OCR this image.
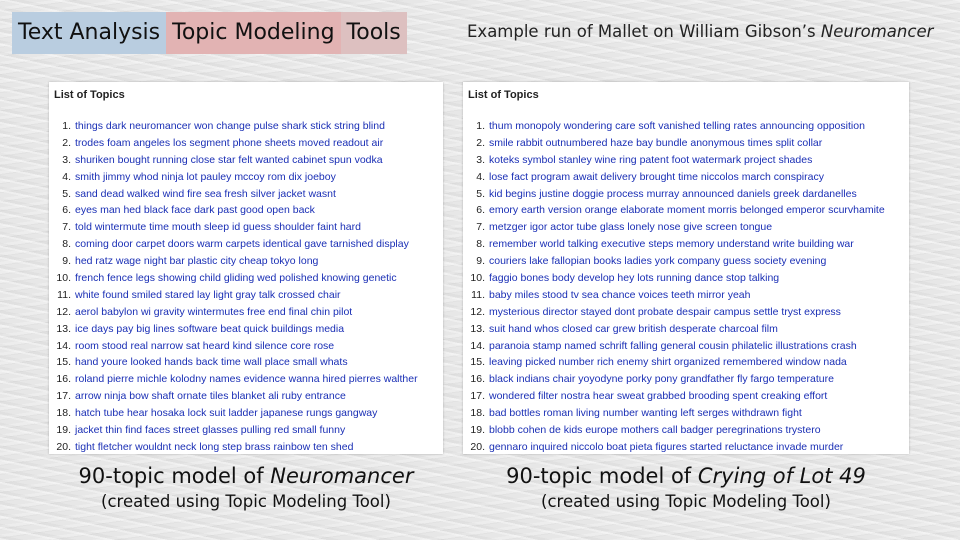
Text Analysis Topic Modeling Tools	Example run of Mallet on William Gibson’s Neuromancer
List of Topics
1. things dark neuromancer won change pulse shark stick string blind
2. trodes foam angeles los segment phone sheets moved readout air
3. shuriken bought running close star felt wanted cabinet spun vodka
4. smith jimmy whod ninja lot pauley mccoy rom dix joeboy
5. sand dead walked wind fire sea fresh silver jacket wasnt
6. eyes man hed black face dark past good open back
7. told wintermute time mouth sleep id guess shoulder faint hard
8. coming door carpet doors warm carpets identical gave tarnished display
9. hed ratz wage night bar plastic city cheap tokyo long
10. french fence legs showing child gliding wed polished knowing genetic
11. white found smiled stared lay light gray talk crossed chair
12. aerol babylon wi gravity wintermutes free end final chin pilot
13. ice days pay big lines software beat quick buildings media
14. room stood real narrow sat heard kind silence core rose
15. hand youre looked hands back time wall place small whats
16. roland pierre michle kolodny names evidence wanna hired pierres walther
17. arrow ninja bow shaft ornate tiles blanket ali ruby entrance
18. hatch tube hear hosaka lock suit ladder japanese rungs gangway
19. jacket thin find faces street glasses pulling red small funny
20. tight fletcher wouldnt neck long step brass rainbow ten shed
List of Topics
1. thum monopoly wondering care soft vanished telling rates announcing opposition
2. smile rabbit outnumbered haze bay bundle anonymous times split collar
3. koteks symbol stanley wine ring patent foot watermark project shades
4. lose fact program await delivery brought time niccolos march conspiracy
5. kid begins justine doggie process murray announced daniels greek dardanelles
6. emory earth version orange elaborate moment morris belonged emperor scurvhamite
7. metzger igor actor tube glass lonely nose give screen tongue
8. remember world talking executive steps memory understand write building war
9. couriers lake fallopian books ladies york company guess society evening
10. faggio bones body develop hey lots running dance stop talking
11. baby miles stood tv sea chance voices teeth mirror yeah
12. mysterious director stayed dont probate despair campus settle tryst express
13. suit hand whos closed car grew british desperate charcoal film
14. paranoia stamp named schrift falling general cousin philatelic illustrations crash
15. leaving picked number rich enemy shirt organized remembered window nada
16. black indians chair yoyodyne porky pony grandfather fly fargo temperature
17. wondered filter nostra hear sweat grabbed brooding spent creaking effort
18. bad bottles roman living number wanting left serges withdrawn fight
19. blobb cohen de kids europe mothers call badger peregrinations trystero
20. gennaro inquired niccolo boat pieta figures started reluctance invade murder
90-topic model of Neuromancer
(created using Topic Modeling Tool)
90-topic model of Crying of Lot 49
(created using Topic Modeling Tool)
